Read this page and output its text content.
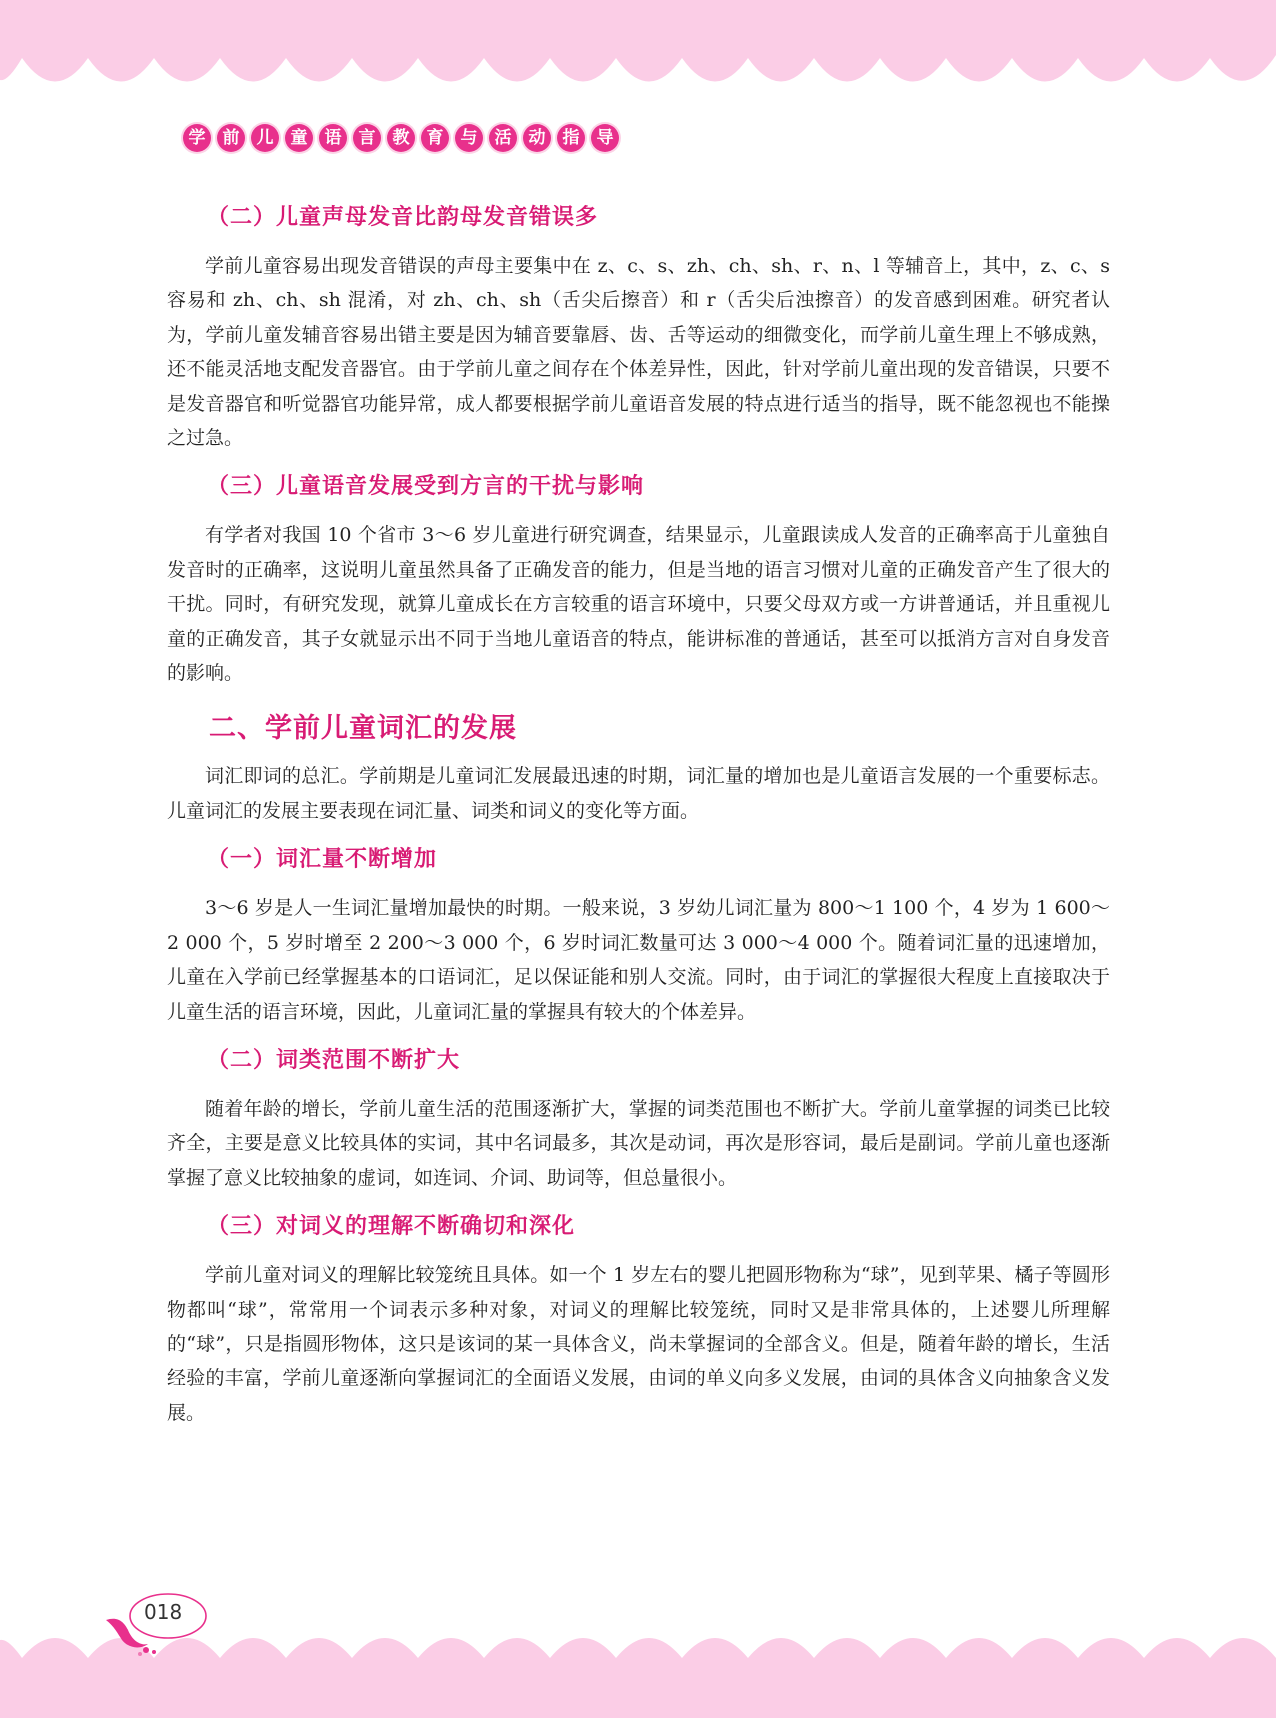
学	前	儿	童	语	言	教	育	与	活	动	指	导
（二）儿童声母发音比韵母发音错误多

学前儿童容易出现发音错误的声母主要集中在 z、c、s、zh、ch、sh、r、n、l 等辅音上，其中，z、c、s 容易和 zh、ch、sh 混淆，对 zh、ch、sh（舌尖后擦音）和 r（舌尖后浊擦音）的发音感到困难。研究者认为，学前儿童发辅音容易出错主要是因为辅音要靠唇、齿、舌等运动的细微变化，而学前儿童生理上不够成熟，还不能灵活地支配发音器官。由于学前儿童之间存在个体差异性，因此，针对学前儿童出现的发音错误，只要不是发音器官和听觉器官功能异常，成人都要根据学前儿童语音发展的特点进行适当的指导，既不能忽视也不能操之过急。

（三）儿童语音发展受到方言的干扰与影响

有学者对我国 10 个省市 3～6 岁儿童进行研究调查，结果显示，儿童跟读成人发音的正确率高于儿童独自发音时的正确率，这说明儿童虽然具备了正确发音的能力，但是当地的语言习惯对儿童的正确发音产生了很大的干扰。同时，有研究发现，就算儿童成长在方言较重的语言环境中，只要父母双方或一方讲普通话，并且重视儿童的正确发音，其子女就显示出不同于当地儿童语音的特点，能讲标准的普通话，甚至可以抵消方言对自身发音的影响。

二、学前儿童词汇的发展

词汇即词的总汇。学前期是儿童词汇发展最迅速的时期，词汇量的增加也是儿童语言发展的一个重要标志。儿童词汇的发展主要表现在词汇量、词类和词义的变化等方面。

（一）词汇量不断增加

3～6 岁是人一生词汇量增加最快的时期。一般来说，3 岁幼儿词汇量为 800～1 100 个，4 岁为 1 600～2 000 个，5 岁时增至 2 200～3 000 个，6 岁时词汇数量可达 3 000～4 000 个。随着词汇量的迅速增加，儿童在入学前已经掌握基本的口语词汇，足以保证能和别人交流。同时，由于词汇的掌握很大程度上直接取决于儿童生活的语言环境，因此，儿童词汇量的掌握具有较大的个体差异。

（二）词类范围不断扩大

随着年龄的增长，学前儿童生活的范围逐渐扩大，掌握的词类范围也不断扩大。学前儿童掌握的词类已比较齐全，主要是意义比较具体的实词，其中名词最多，其次是动词，再次是形容词，最后是副词。学前儿童也逐渐掌握了意义比较抽象的虚词，如连词、介词、助词等，但总量很小。

（三）对词义的理解不断确切和深化

学前儿童对词义的理解比较笼统且具体。如一个 1 岁左右的婴儿把圆形物称为“球”，见到苹果、橘子等圆形物都叫“球”，常常用一个词表示多种对象，对词义的理解比较笼统，同时又是非常具体的，上述婴儿所理解的“球”，只是指圆形物体，这只是该词的某一具体含义，尚未掌握词的全部含义。但是，随着年龄的增长，生活经验的丰富，学前儿童逐渐向掌握词汇的全面语义发展，由词的单义向多义发展，由词的具体含义向抽象含义发展。

018
